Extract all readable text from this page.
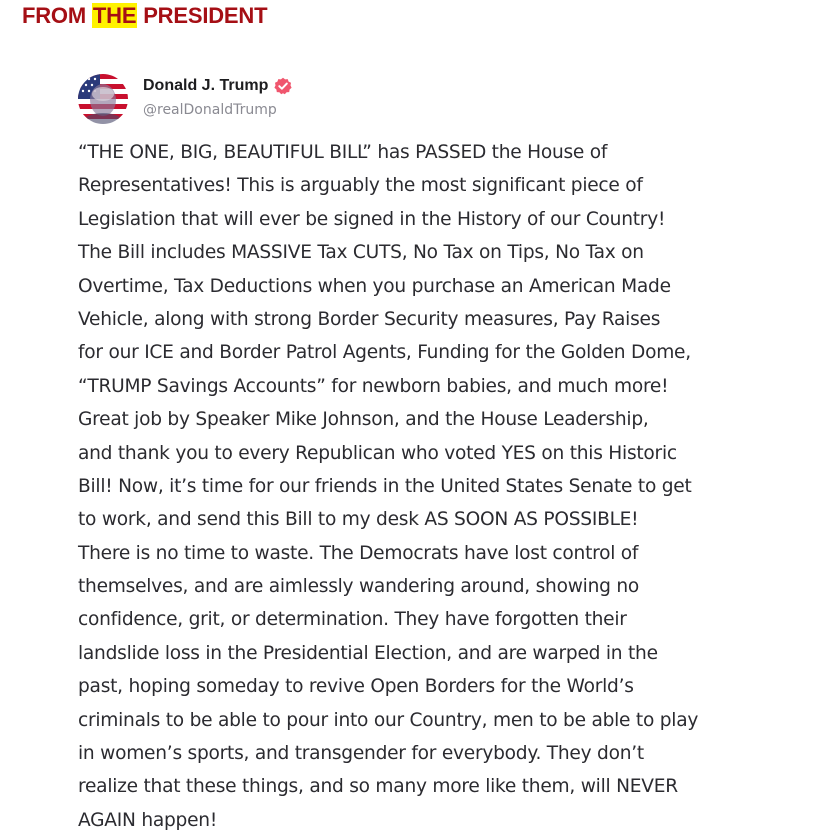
FROM THE PRESIDENT
Donald J. Trump
@realDonaldTrump
“THE ONE, BIG, BEAUTIFUL BILL” has PASSED the House of
Representatives! This is arguably the most significant piece of
Legislation that will ever be signed in the History of our Country!
The Bill includes MASSIVE Tax CUTS, No Tax on Tips, No Tax on
Overtime, Tax Deductions when you purchase an American Made
Vehicle, along with strong Border Security measures, Pay Raises
for our ICE and Border Patrol Agents, Funding for the Golden Dome,
“TRUMP Savings Accounts” for newborn babies, and much more!
Great job by Speaker Mike Johnson, and the House Leadership,
and thank you to every Republican who voted YES on this Historic
Bill! Now, it’s time for our friends in the United States Senate to get
to work, and send this Bill to my desk AS SOON AS POSSIBLE!
There is no time to waste. The Democrats have lost control of
themselves, and are aimlessly wandering around, showing no
confidence, grit, or determination. They have forgotten their
landslide loss in the Presidential Election, and are warped in the
past, hoping someday to revive Open Borders for the World’s
criminals to be able to pour into our Country, men to be able to play
in women’s sports, and transgender for everybody. They don’t
realize that these things, and so many more like them, will NEVER
AGAIN happen!
